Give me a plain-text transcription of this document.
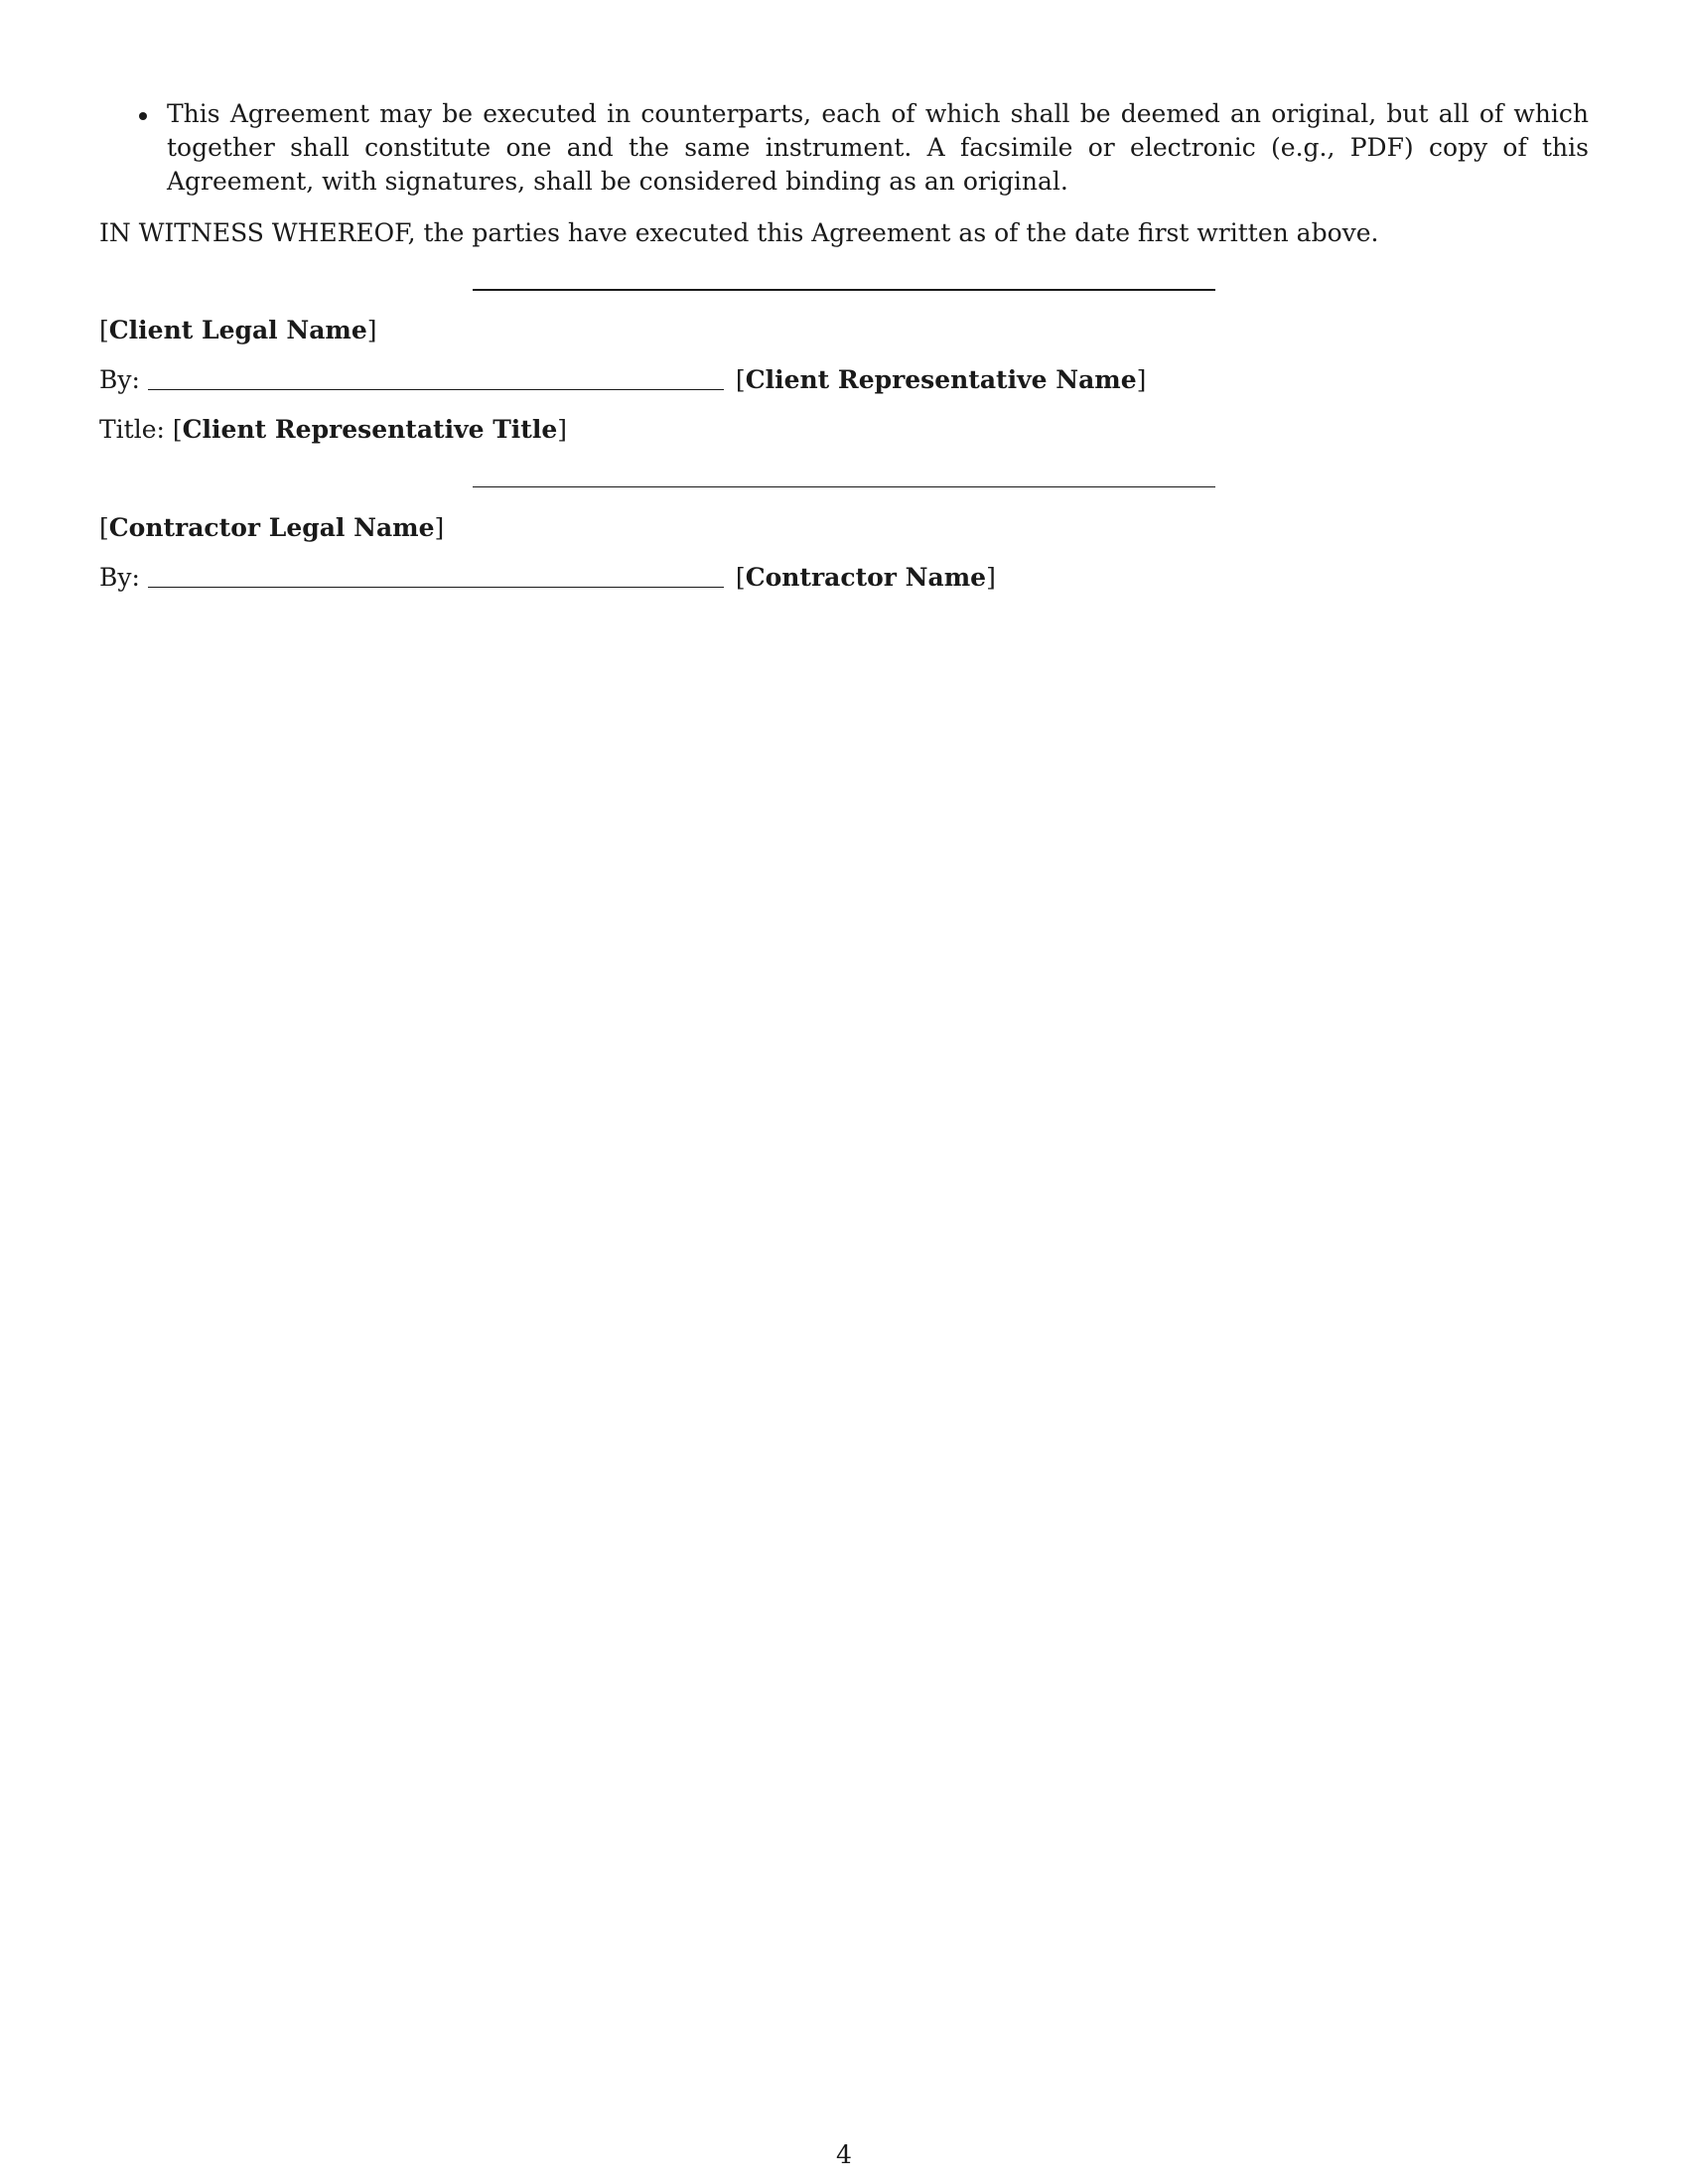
This Agreement may be executed in counterparts, each of which shall be deemed an original, but all of which together shall constitute one and the same instrument. A facsimile or electronic (e.g., PDF) copy of this Agreement, with signatures, shall be considered binding as an original.
IN WITNESS WHEREOF, the parties have executed this Agreement as of the date first written above.
[Client Legal Name]
By:	[Client Representative Name]
Title: [Client Representative Title]
[Contractor Legal Name]
By:	[Contractor Name]
4
